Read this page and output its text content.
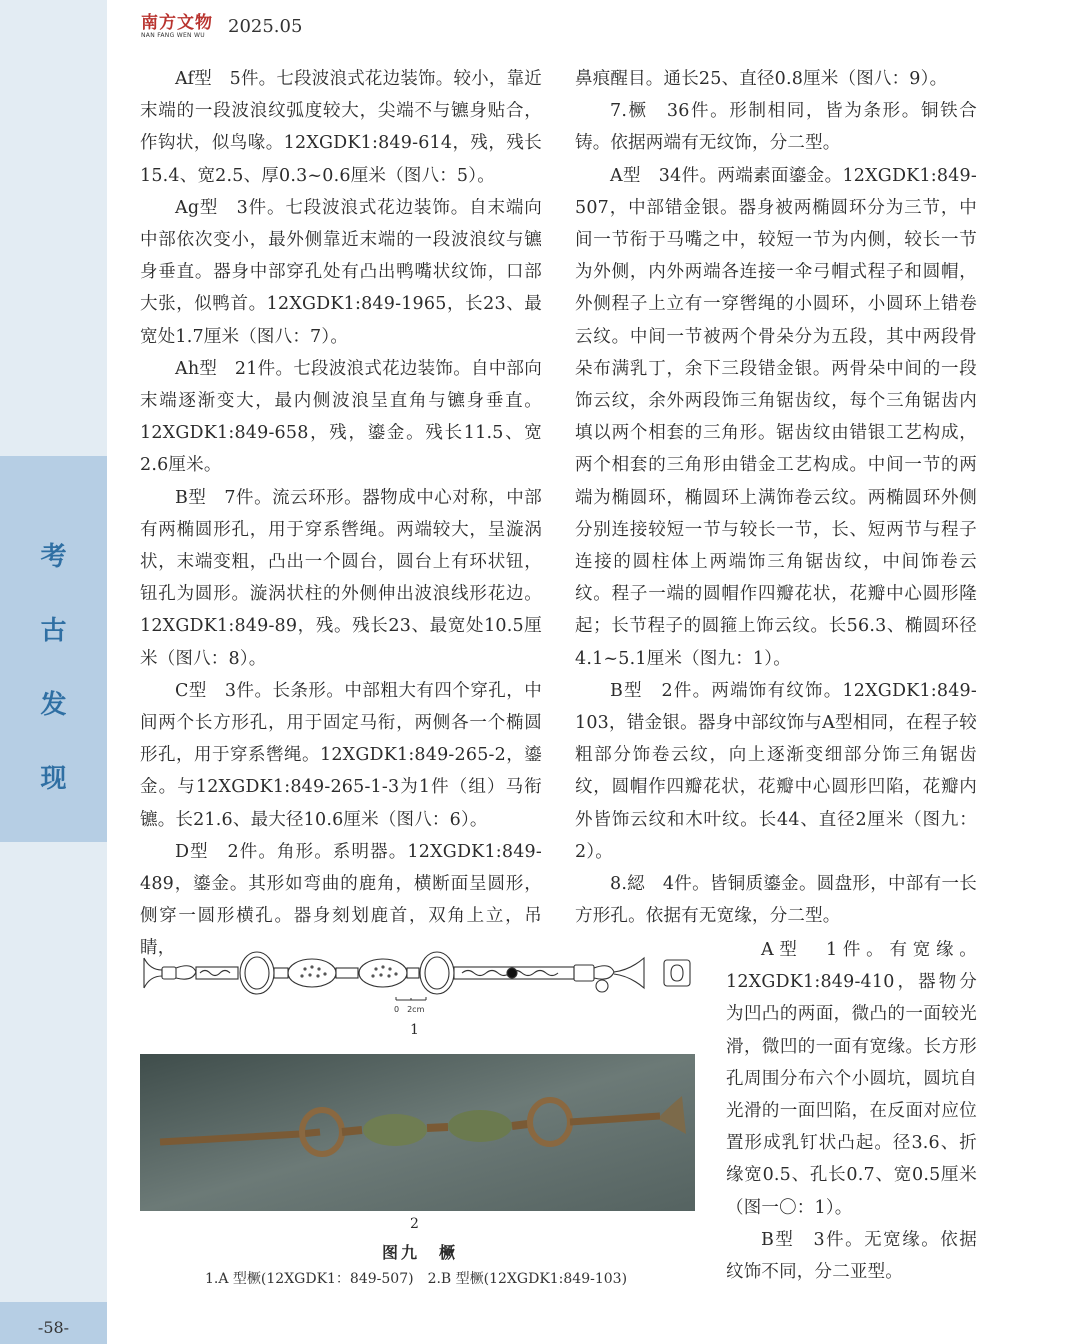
考
古
发
现
-58-
南方文物
NAN FANG WEN WU	2025.05

Af型　5件。七段波浪式花边装饰。较小，靠近末端的一段波浪纹弧度较大，尖端不与镳身贴合，作钩状，似鸟喙。12XGDK1:849-614，残，残长15.4、宽2.5、厚0.3~0.6厘米（图八：5）。

Ag型　3件。七段波浪式花边装饰。自末端向中部依次变小，最外侧靠近末端的一段波浪纹与镳身垂直。器身中部穿孔处有凸出鸭嘴状纹饰，口部大张，似鸭首。12XGDK1:849-1965，长23、最宽处1.7厘米（图八：7）。

Ah型　21件。七段波浪式花边装饰。自中部向末端逐渐变大，最内侧波浪呈直角与镳身垂直。12XGDK1:849-658，残，鎏金。残长11.5、宽2.6厘米。

B型　7件。流云环形。器物成中心对称，中部有两椭圆形孔，用于穿系辔绳。两端较大，呈漩涡状，末端变粗，凸出一个圆台，圆台上有环状钮，钮孔为圆形。漩涡状柱的外侧伸出波浪线形花边。12XGDK1:849-89，残。残长23、最宽处10.5厘米（图八：8）。

C型　3件。长条形。中部粗大有四个穿孔，中间两个长方形孔，用于固定马衔，两侧各一个椭圆形孔，用于穿系辔绳。12XGDK1:849-265-2，鎏金。与12XGDK1:849-265-1-3为1件（组）马衔镳。长21.6、最大径10.6厘米（图八：6）。

D型　2件。角形。系明器。12XGDK1:849-489，鎏金。其形如弯曲的鹿角，横断面呈圆形，侧穿一圆形横孔。器身刻划鹿首，双角上立，吊睛，

鼻痕醒目。通长25、直径0.8厘米（图八：9）。

7.橛　36件。形制相同，皆为条形。铜铁合铸。依据两端有无纹饰，分二型。

A型　34件。两端素面鎏金。12XGDK1:849-507，中部错金银。器身被两椭圆环分为三节，中间一节衔于马嘴之中，较短一节为内侧，较长一节为外侧，内外两端各连接一伞弓帽式程子和圆帽，外侧程子上立有一穿辔绳的小圆环，小圆环上错卷云纹。中间一节被两个骨朵分为五段，其中两段骨朵布满乳丁，余下三段错金银。两骨朵中间的一段饰云纹，余外两段饰三角锯齿纹，每个三角锯齿内填以两个相套的三角形。锯齿纹由错银工艺构成，两个相套的三角形由错金工艺构成。中间一节的两端为椭圆环，椭圆环上满饰卷云纹。两椭圆环外侧分别连接较短一节与较长一节，长、短两节与程子连接的圆柱体上两端饰三角锯齿纹，中间饰卷云纹。程子一端的圆帽作四瓣花状，花瓣中心圆形隆起；长节程子的圆箍上饰云纹。长56.3、椭圆环径4.1~5.1厘米（图九：1）。

B型　2件。两端饰有纹饰。12XGDK1:849-103，错金银。器身中部纹饰与A型相同，在程子较粗部分饰卷云纹，向上逐渐变细部分饰三角锯齿纹，圆帽作四瓣花状，花瓣中心圆形凹陷，花瓣内外皆饰云纹和木叶纹。长44、直径2厘米（图九：2）。

8.綛　4件。皆铜质鎏金。圆盘形，中部有一长方形孔。依据有无宽缘，分二型。

A型　1件。有宽缘。12XGDK1:849-410，器物分为凹凸的两面，微凸的一面较光滑，微凹的一面有宽缘。长方形孔周围分布六个小圆坑，圆坑自光滑的一面凹陷，在反面对应位置形成乳钉状凸起。径3.6、折缘宽0.5、孔长0.7、宽0.5厘米（图一〇：1）。

B型　3件。无宽缘。依据纹饰不同，分二亚型。

0　2cm
1
2
图九　橛
1.A 型橛(12XGDK1：849-507)　2.B 型橛(12XGDK1:849-103)
